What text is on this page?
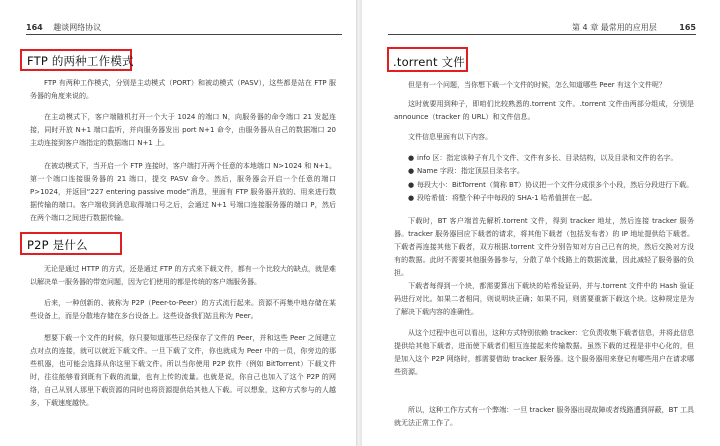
164 趣谈网络协议
FTP 的两种工作模式

FTP 有两种工作模式，分别是主动模式（PORT）和被动模式（PASV），这些都是站在 FTP 服务器的角度来说的。

在主动模式下，客户端随机打开一个大于 1024 的端口 N，向服务器的命令端口 21 发起连接，同时开放 N+1 端口监听，并向服务器发出 port N+1 命令，由服务器从自己的数据端口 20 主动连接到客户端指定的数据端口 N+1 上。

在被动模式下，当开启一个 FTP 连接时，客户端打开两个任意的本地端口 N>1024 和 N+1。第一个端口连接服务器的 21 端口，提交 PASV 命令。然后，服务器会开启一个任意的端口 P>1024，并返回“227 entering passive mode”消息，里面有 FTP 服务器开放的、用来进行数据传输的端口。客户端收到消息取得端口号之后，会通过 N+1 号端口连接服务器的端口 P，然后在两个端口之间进行数据传输。

P2P 是什么

无论是通过 HTTP 的方式，还是通过 FTP 的方式来下载文件，都有一个比较大的缺点，就是难以解决单一服务器的带宽问题，因为它们使用的都是传统的客户端服务器。

后来，一种创新的、被称为 P2P（Peer-to-Peer）的方式流行起来。资源不再集中地存储在某些设备上，而是分散地存储在多台设备上。这些设备我们姑且称为 Peer。

想要下载一个文件的时候，你只要知道那些已经保存了文件的 Peer，并和这些 Peer 之间建立点对点的连接，就可以就近下载文件。一旦下载了文件，你也就成为 Peer 中的一员，你旁边的那些机器，也可能会选择从你这里下载文件。所以当你使用 P2P 软件（例如 BitTorrent）下载文件时，往往能够看到既有下载的流量，也有上传的流量。也就是说，你自己也加入了这个 P2P 的网络，自己从别人那里下载资源的同时也将资源提供给其他人下载。可以想象，这种方式参与的人越多，下载速度越快。

第 4 章 最常用的应用层	165
.torrent 文件

但是有一个问题，当你想下载一个文件的时候，怎么知道哪些 Peer 有这个文件呢？

这时就要用到种子，即咱们比较熟悉的.torrent 文件。.torrent 文件由两部分组成，分别是announce（tracker 的 URL）和文件信息。

文件信息里面有以下内容。

● info 区：指定该种子有几个文件、文件有多长、目录结构，以及目录和文件的名字。
● Name 字段：指定顶层目录名字。
● 每段大小：BitTorrent（简称 BT）协议把一个文件分成很多个小段，然后分段进行下载。
● 段哈希值：将整个种子中每段的 SHA-1 哈希值拼在一起。

下载时，BT 客户端首先解析.torrent 文件，得到 tracker 地址，然后连接 tracker 服务器。tracker 服务器回应下载者的请求，将其他下载者（包括发布者）的 IP 地址提供给下载者。下载者再连接其他下载者，双方根据.torrent 文件分别告知对方自己已有的块，然后交换对方没有的数据。此时不需要其他服务器参与，分散了单个线路上的数据流量，因此减轻了服务器的负担。

下载者每得到一个块，都需要算出下载块的哈希验证码，并与.torrent 文件中的 Hash 验证码进行对比。如果二者相同，则说明块正确；如果不同，则需要重新下载这个块。这种规定是为了解决下载内容的准确性。

从这个过程中也可以看出，这种方式特别依赖 tracker：它负责收集下载者信息，并将此信息提供给其他下载者，进而使下载者们相互连接起来传输数据。虽然下载的过程是非中心化的，但是加入这个 P2P 网络时，都需要借助 tracker 服务器。这个服务器用来登记有哪些用户在请求哪些资源。

所以，这种工作方式有一个弊端：一旦 tracker 服务器出现故障或者线路遭到屏蔽，BT 工具就无法正常工作了。
